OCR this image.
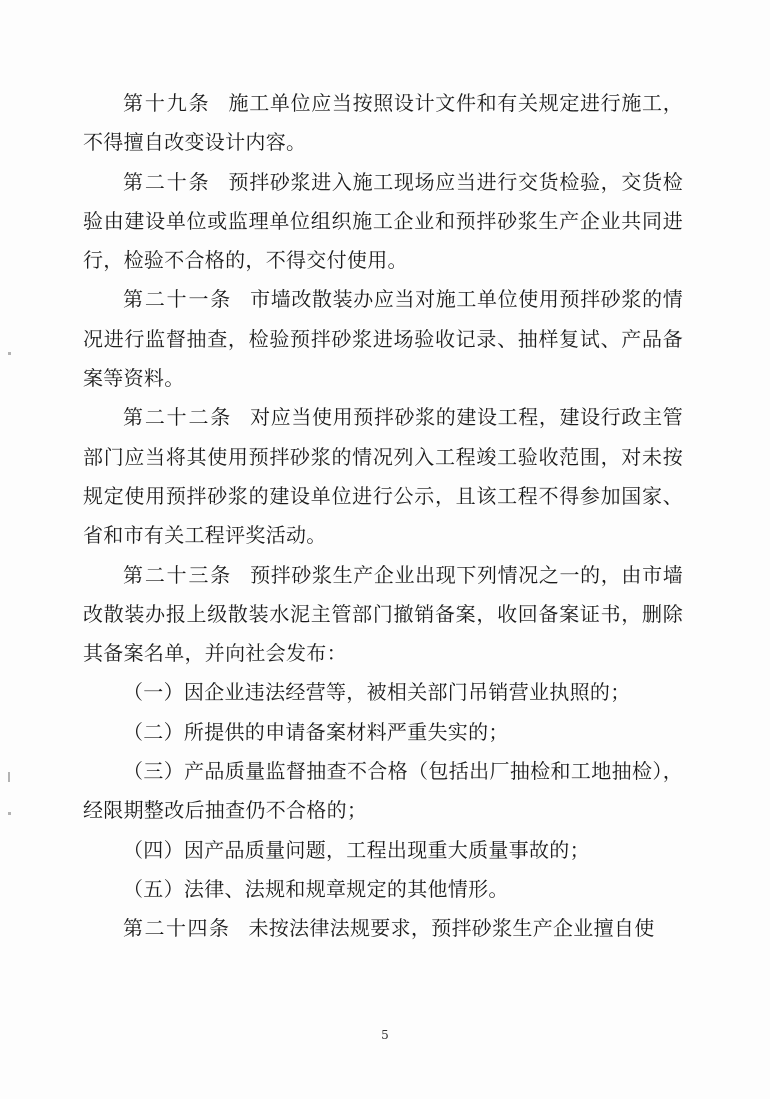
第十九条 施工单位应当按照设计文件和有关规定进行施工，不得擅自改变设计内容。

第二十条 预拌砂浆进入施工现场应当进行交货检验，交货检验由建设单位或监理单位组织施工企业和预拌砂浆生产企业共同进行，检验不合格的，不得交付使用。

第二十一条 市墙改散装办应当对施工单位使用预拌砂浆的情况进行监督抽查，检验预拌砂浆进场验收记录、抽样复试、产品备案等资料。

第二十二条 对应当使用预拌砂浆的建设工程，建设行政主管部门应当将其使用预拌砂浆的情况列入工程竣工验收范围，对未按规定使用预拌砂浆的建设单位进行公示，且该工程不得参加国家、省和市有关工程评奖活动。

第二十三条 预拌砂浆生产企业出现下列情况之一的，由市墙改散装办报上级散装水泥主管部门撤销备案，收回备案证书，删除其备案名单，并向社会发布：

（一）因企业违法经营等，被相关部门吊销营业执照的；

（二）所提供的申请备案材料严重失实的；

（三）产品质量监督抽查不合格（包括出厂抽检和工地抽检），经限期整改后抽查仍不合格的；

（四）因产品质量问题，工程出现重大质量事故的；

（五）法律、法规和规章规定的其他情形。

第二十四条 未按法律法规要求，预拌砂浆生产企业擅自使

5
